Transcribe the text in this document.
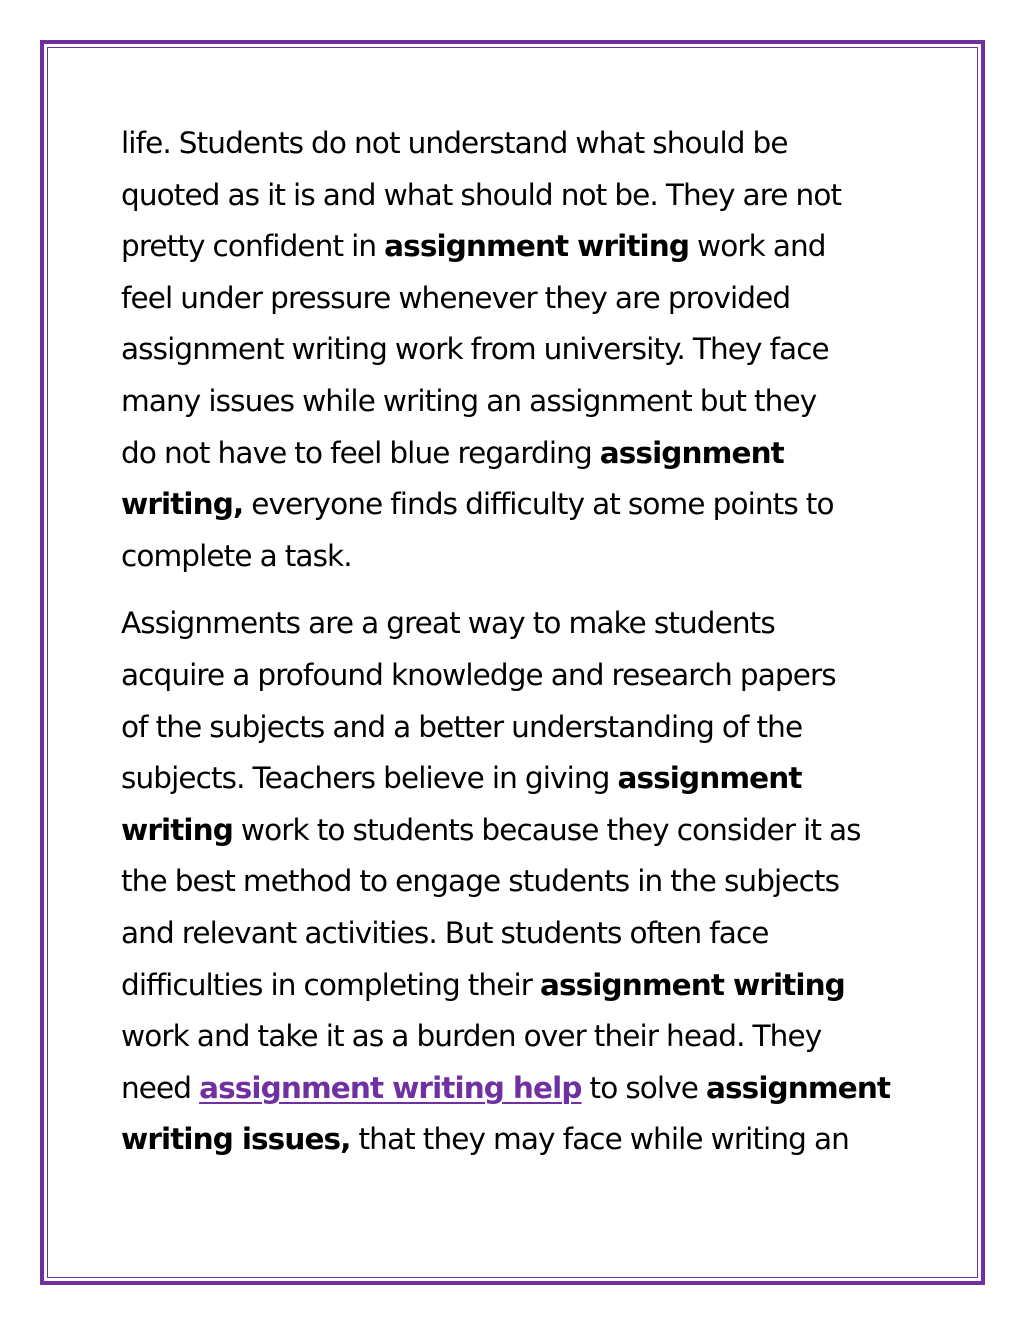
life. Students do not understand what should be
quoted as it is and what should not be. They are not
pretty confident in assignment writing work and
feel under pressure whenever they are provided
assignment writing work from university. They face
many issues while writing an assignment but they
do not have to feel blue regarding assignment
writing, everyone finds difficulty at some points to
complete a task.

Assignments are a great way to make students
acquire a profound knowledge and research papers
of the subjects and a better understanding of the
subjects. Teachers believe in giving assignment
writing work to students because they consider it as
the best method to engage students in the subjects
and relevant activities. But students often face
difficulties in completing their assignment writing
work and take it as a burden over their head. They
need assignment writing help to solve assignment
writing issues, that they may face while writing an
